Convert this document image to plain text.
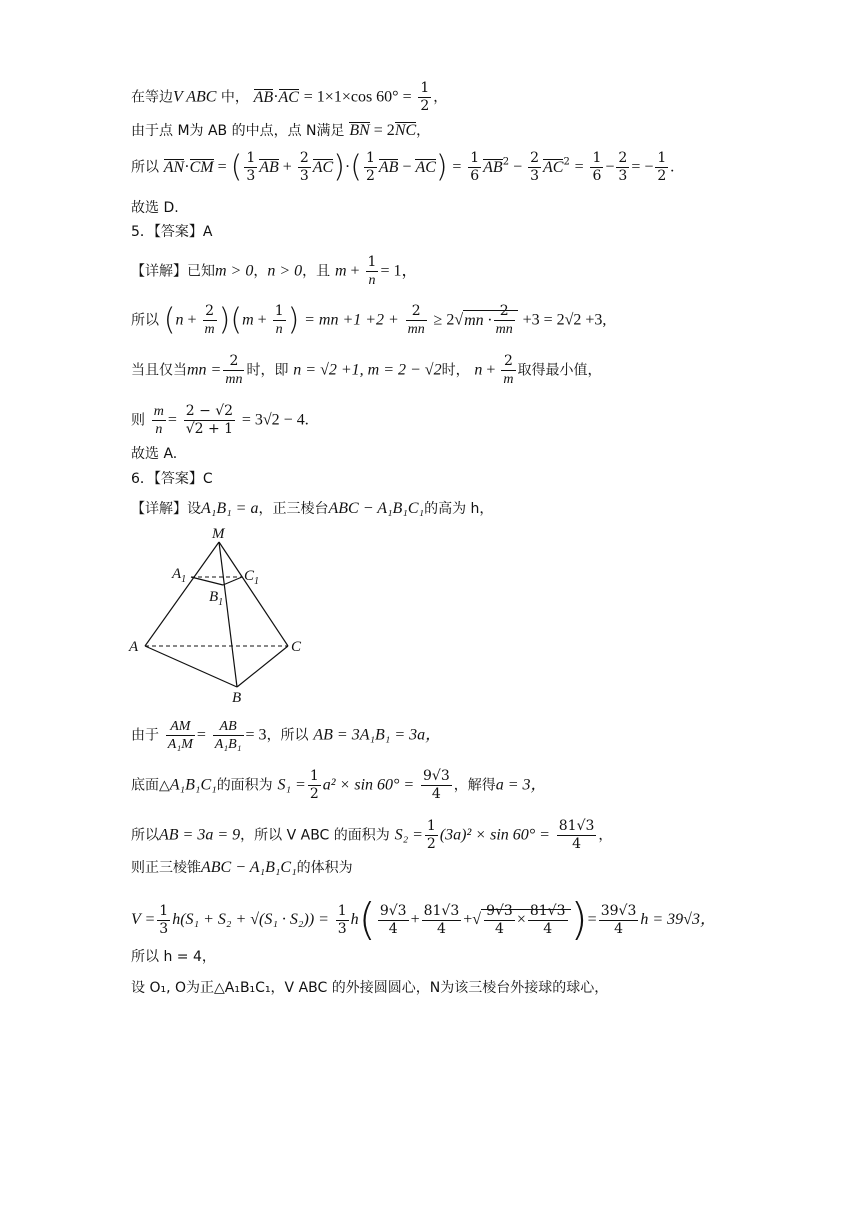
在等边V ABC 中， AB·AC = 1×1×cos $60^\circ = \frac{1}{2}$ ，
由于点 M为 AB 的中点，点 N满足 BN = 2NC，
所以 AN·CM = ( $\frac{1}{3}$ AB + $\frac{2}{3} AC)\cdot( \frac{1}{2}$ AB − $AC) = \frac{1}{6} AB^2 - \frac{2}{3} AC^2 = \frac{1}{6} - \frac{2}{3}$ = − $\frac{1}{2}$ .
故选 D.
5．【答案】A
【详解】已知m > 0，n > 0，且 $m + \frac{1}{n} = 1$，
所以 $(n + \frac{2}{m} )(m + \frac{1}{n}$ ) = mn $+1 +2 + \frac{2}{mn} \ge 2√mn \cdot \frac{2}{mn} +3 = 2√2 +3$,
当且仅当mn = $\frac{2}{mn}$ 时，即 n = √2 +1, m = 2 − √2时， $n + \frac{2}{m}$ 取得最小值，
则 $\frac{m}{n} = \frac{2 - √2}{√2 + 1} = 3√2 - 4$.
故选 A.
6．【答案】C
【详解】设A₁B₁ = a，正三棱台ABC − A₁B₁C₁的高为 h，
M
$A_1$	$C_1$
$B_1$
A	C
B
由于 $\frac{AM}{\text{A₁M}} = \frac{AB}{\text{A₁B₁}} = 3$，所以 AB = 3A₁B₁ = 3a，
底面△A₁B₁C₁的面积为 $S_1 = \frac{1}{2} a^2 \times \sin 60^\circ = \frac{9√3}{4}$ ，解得a = 3，
所以AB = 3a = 9，所以 V ABC 的面积为 $S_2 = \frac{1}{2} (3a)^2 \times \sin 60^\circ = \frac{81√3}{4}$ ，
则正三棱锥ABC − A₁B₁C₁的体积为
$V = \frac{1}{3} h(S_1 + S_2 + √(S_1 \cdot S_2)) = \frac{1}{3} h( \frac{9√3}{4} + \frac{81√3}{4}$ +√ $\frac{9√3}{4} \times \frac{81√3}{4}$ )= $\frac{39√3}{4}$ h = 39√3，
所以 h = 4，
设 O₁, O为正△A₁B₁C₁，V ABC 的外接圆圆心，N为该三棱台外接球的球心，
